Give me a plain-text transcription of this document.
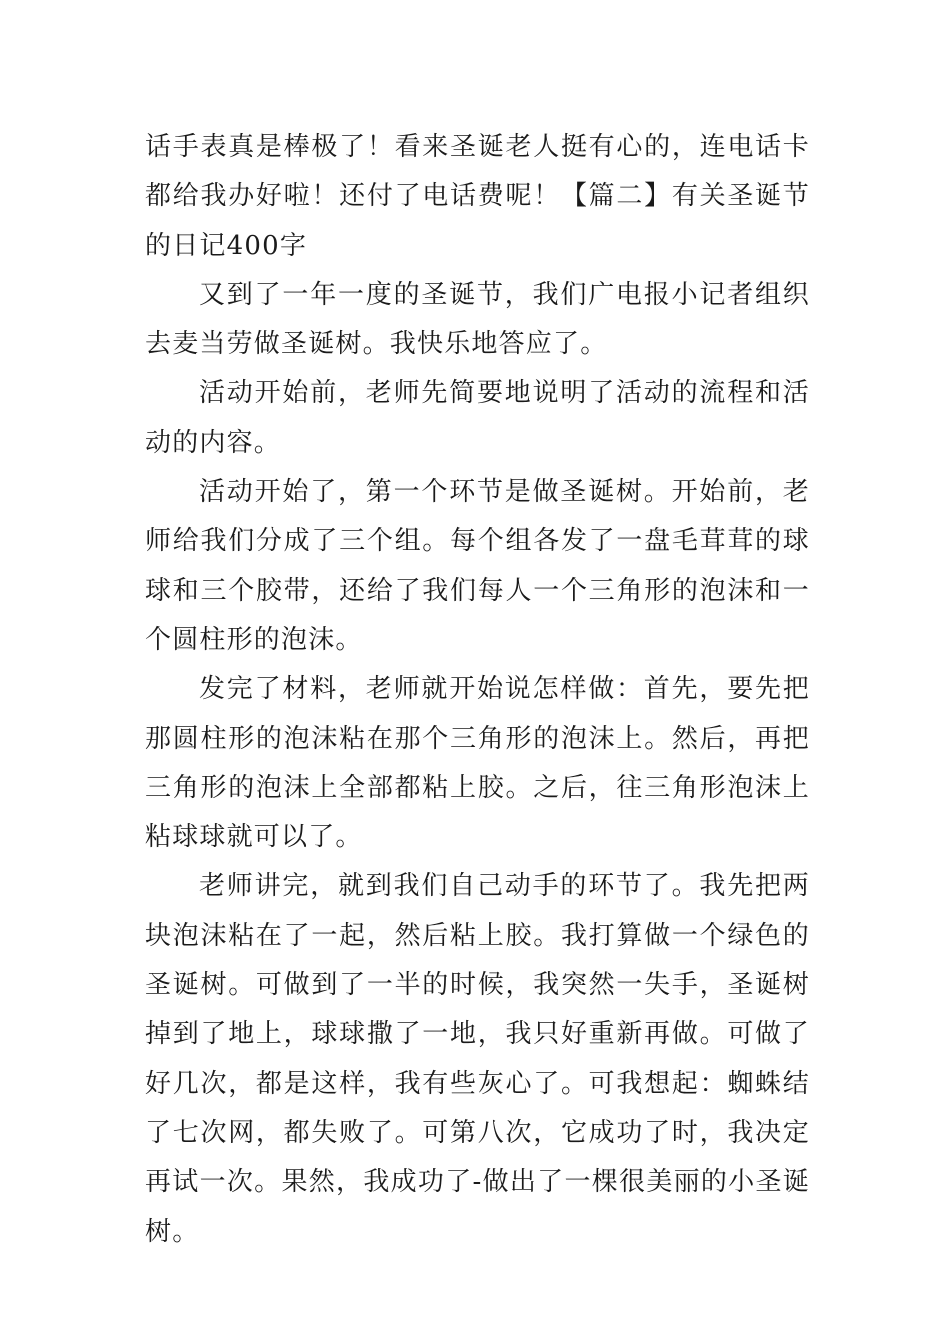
话手表真是棒极了！看来圣诞老人挺有心的，连电话卡都给我办好啦！还付了电话费呢！【篇二】有关圣诞节的日记400字

又到了一年一度的圣诞节，我们广电报小记者组织去麦当劳做圣诞树。我快乐地答应了。

活动开始前，老师先简要地说明了活动的流程和活动的内容。

活动开始了，第一个环节是做圣诞树。开始前，老师给我们分成了三个组。每个组各发了一盘毛茸茸的球球和三个胶带，还给了我们每人一个三角形的泡沫和一个圆柱形的泡沫。

发完了材料，老师就开始说怎样做：首先，要先把那圆柱形的泡沫粘在那个三角形的泡沫上。然后，再把三角形的泡沫上全部都粘上胶。之后，往三角形泡沫上粘球球就可以了。

老师讲完，就到我们自己动手的环节了。我先把两块泡沫粘在了一起，然后粘上胶。我打算做一个绿色的圣诞树。可做到了一半的时候，我突然一失手，圣诞树掉到了地上，球球撒了一地，我只好重新再做。可做了好几次，都是这样，我有些灰心了。可我想起：蜘蛛结了七次网，都失败了。可第八次，它成功了时，我决定再试一次。果然，我成功了-做出了一棵很美丽的小圣诞树。
